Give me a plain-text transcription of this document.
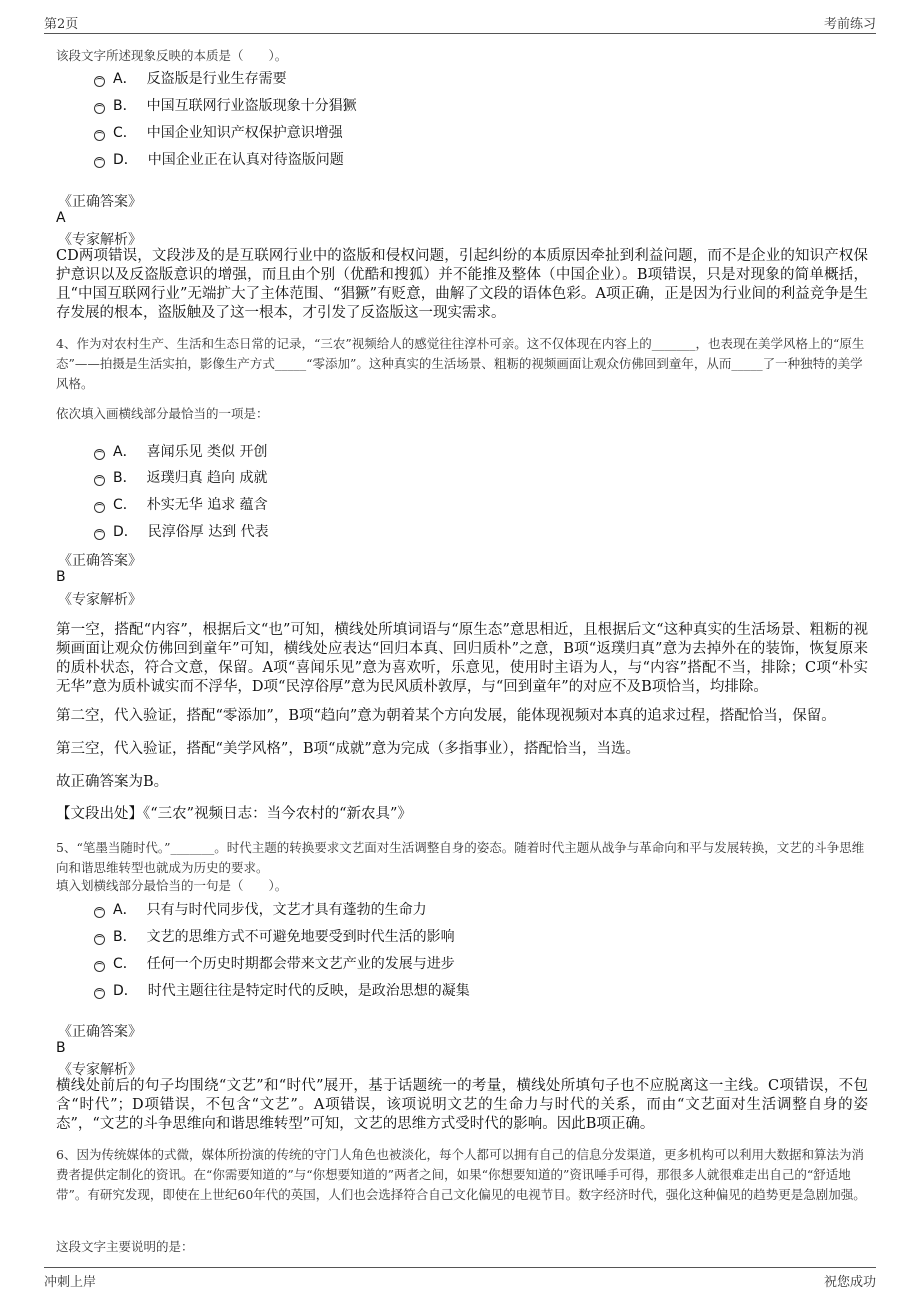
第2页	考前练习
该段文字所述现象反映的本质是（　　）。
A． 反盗版是行业生存需要
B． 中国互联网行业盗版现象十分猖獗
C． 中国企业知识产权保护意识增强
D． 中国企业正在认真对待盗版问题
《正确答案》
A
《专家解析》
CD两项错误，文段涉及的是互联网行业中的盗版和侵权问题，引起纠纷的本质原因牵扯到利益问题，而不是企业的知识产权保护意识以及反盗版意识的增强，而且由个别（优酷和搜狐）并不能推及整体（中国企业）。B项错误，只是对现象的简单概括，且“中国互联网行业”无端扩大了主体范围、“猖獗”有贬意，曲解了文段的语体色彩。A项正确，正是因为行业间的利益竞争是生存发展的根本，盗版触及了这一根本，才引发了反盗版这一现实需求。
4、作为对农村生产、生活和生态日常的记录，“三农”视频给人的感觉往往淳朴可亲。这不仅体现在内容上的_______，也表现在美学风格上的“原生态”——拍摄是生活实拍，影像生产方式_____“零添加”。这种真实的生活场景、粗粝的视频画面让观众仿佛回到童年，从而_____了一种独特的美学风格。
依次填入画横线部分最恰当的一项是：
A． 喜闻乐见 类似 开创
B． 返璞归真 趋向 成就
C． 朴实无华 追求 蕴含
D． 民淳俗厚 达到 代表
《正确答案》
B
《专家解析》
第一空，搭配“内容”，根据后文“也”可知，横线处所填词语与“原生态”意思相近，且根据后文“这种真实的生活场景、粗粝的视频画面让观众仿佛回到童年”可知，横线处应表达“回归本真、回归质朴”之意，B项“返璞归真”意为去掉外在的装饰，恢复原来的质朴状态，符合文意，保留。A项“喜闻乐见”意为喜欢听，乐意见，使用时主语为人，与“内容”搭配不当，排除；C项“朴实无华”意为质朴诚实而不浮华，D项“民淳俗厚”意为民风质朴敦厚，与“回到童年”的对应不及B项恰当，均排除。
第二空，代入验证，搭配“零添加”，B项“趋向”意为朝着某个方向发展，能体现视频对本真的追求过程，搭配恰当，保留。
第三空，代入验证，搭配“美学风格”，B项“成就”意为完成（多指事业），搭配恰当，当选。
故正确答案为B。
【文段出处】《“三农”视频日志：当今农村的“新农具”》
5、“笔墨当随时代。”_______。时代主题的转换要求文艺面对生活调整自身的姿态。随着时代主题从战争与革命向和平与发展转换，文艺的斗争思维向和谐思维转型也就成为历史的要求。
填入划横线部分最恰当的一句是（　　）。
A． 只有与时代同步伐，文艺才具有蓬勃的生命力
B． 文艺的思维方式不可避免地要受到时代生活的影响
C． 任何一个历史时期都会带来文艺产业的发展与进步
D． 时代主题往往是特定时代的反映，是政治思想的凝集
《正确答案》
B
《专家解析》
横线处前后的句子均围绕“文艺”和“时代”展开，基于话题统一的考量，横线处所填句子也不应脱离这一主线。C项错误，不包含“时代”；D项错误，不包含“文艺”。A项错误，该项说明文艺的生命力与时代的关系，而由“文艺面对生活调整自身的姿态”，“文艺的斗争思维向和谐思维转型”可知，文艺的思维方式受时代的影响。因此B项正确。
6、因为传统媒体的式微，媒体所扮演的传统的守门人角色也被淡化，每个人都可以拥有自己的信息分发渠道，更多机构可以利用大数据和算法为消费者提供定制化的资讯。在“你需要知道的”与“你想要知道的”两者之间，如果“你想要知道的”资讯唾手可得，那很多人就很难走出自己的“舒适地带”。有研究发现，即使在上世纪60年代的英国，人们也会选择符合自己文化偏见的电视节目。数字经济时代，强化这种偏见的趋势更是急剧加强。
这段文字主要说明的是：
冲刺上岸	祝您成功
